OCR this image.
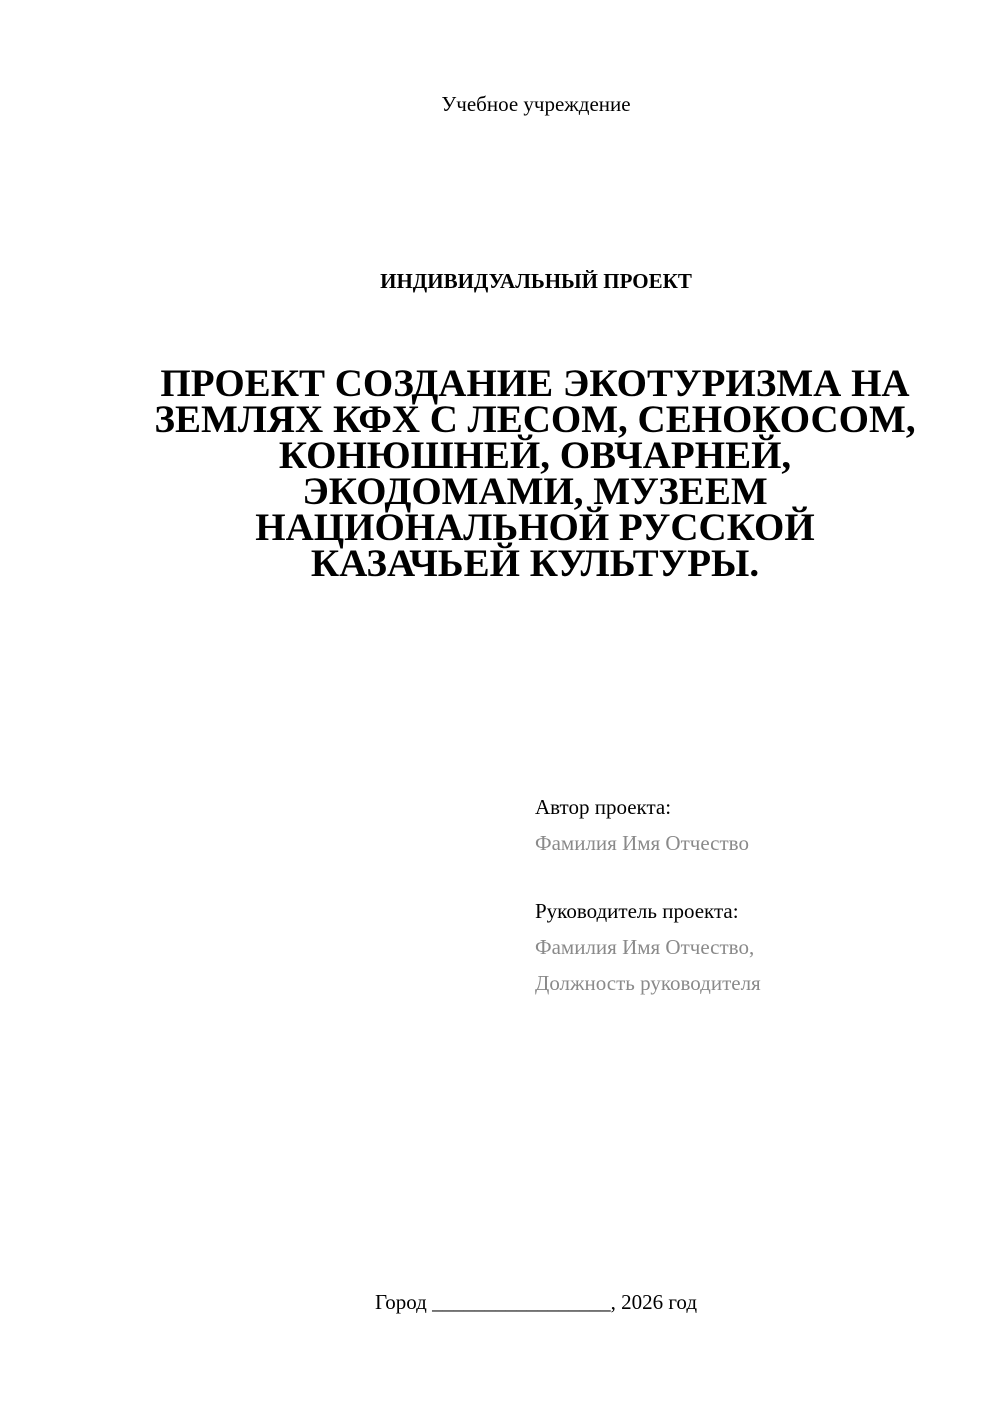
Учебное учреждение
ИНДИВИДУАЛЬНЫЙ ПРОЕКТ
ПРОЕКТ СОЗДАНИЕ ЭКОТУРИЗМА НА ЗЕМЛЯХ КФХ С ЛЕСОМ, СЕНОКОСОМ, КОНЮШНЕЙ, ОВЧАРНЕЙ, ЭКОДОМАМИ, МУЗЕЕМ НАЦИОНАЛЬНОЙ РУССКОЙ КАЗАЧЬЕЙ КУЛЬТУРЫ.
Автор проекта:
Фамилия Имя Отчество
Руководитель проекта:
Фамилия Имя Отчество,
Должность руководителя
Город _________________, 2026 год
